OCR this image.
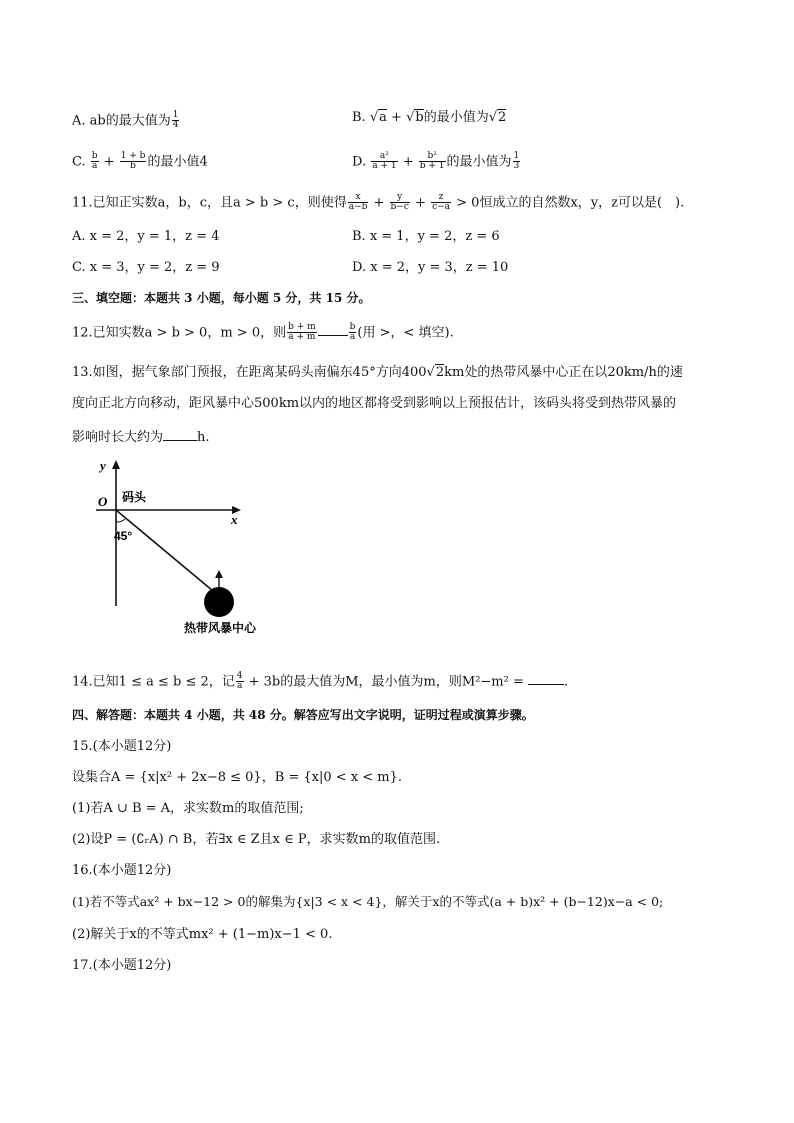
A. ab的最大值为 $\frac{1}{4}$	B. √a + √b的最小值为√2
C. $\frac{b}{a} + \frac{1 + b}{b}$ 的最小值4	D. $\frac{\text{a²}}{a + 1} + \frac{\text{b²}}{b + 1}$ 的最小值为 $\frac{1}{3}$
11.已知正实数a，b，c，且a > b > c，则使得 $\frac{x}{a-b} + \frac{y}{b-c} + \frac{z}{c-a} > 0$恒成立的自然数x，y，z可以是(　).
A. x = 2，y = 1，z = 4	B. x = 1，y = 2，z = 6
C. x = 3，y = 2，z = 9	D. x = 2，y = 3，z = 10
三、填空题：本题共 3 小题，每小题 5 分，共 15 分。
12.已知实数a > b > 0，m > 0，则 $\frac{b + m}{a + m}$	$\frac{b}{a}$ (用 >，< 填空).
13.如图，据气象部门预报，在距离某码头南偏东45°方向400√2km处的热带风暴中心正在以20km/h的速
度向正北方向移动，距风暴中心500km以内的地区都将受到影响以上预报估计，该码头将受到热带风暴的
影响时长大约为	h.
y
x
O 码头
45°
热带风暴中心
14.已知1 ≤ a ≤ b ≤ 2，记 $\frac{4}{a} + 3b$的最大值为M，最小值为m，则M²−m² =	.
四、解答题：本题共 4 小题，共 48 分。解答应写出文字说明，证明过程或演算步骤。
15.(本小题12分)
设集合A = {x|x² + 2x−8 ≤ 0}，B = {x|0 < x < m}.
(1)若A ∪ B = A，求实数m的取值范围;
(2)设P = (∁ᵣA) ∩ B，若∃x ∈ Z且x ∈ P，求实数m的取值范围.
16.(本小题12分)
(1)若不等式ax² + bx−12 > 0的解集为{x|3 < x < 4}，解关于x的不等式(a + b)x² + (b−12)x−a < 0;
(2)解关于x的不等式mx² + (1−m)x−1 < 0.
17.(本小题12分)
